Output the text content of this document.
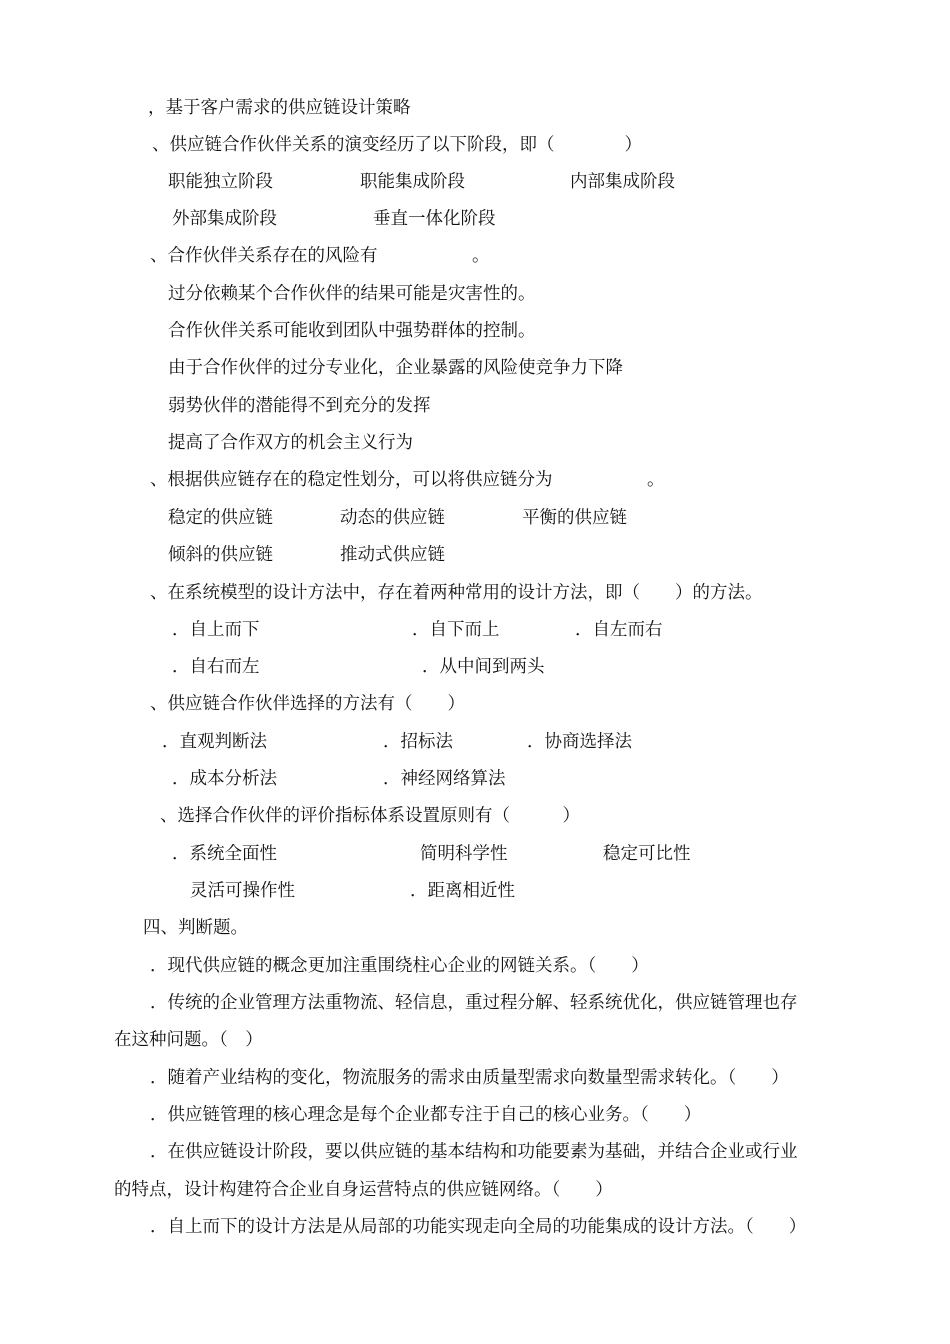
，基于客户需求的供应链设计策略
、供应链合作伙伴关系的演变经历了以下阶段，即（　　　　）
职能独立阶段	职能集成阶段	内部集成阶段
外部集成阶段	垂直一体化阶段
、合作伙伴关系存在的风险有	。
过分依赖某个合作伙伴的结果可能是灾害性的。
合作伙伴关系可能收到团队中强势群体的控制。
由于合作伙伴的过分专业化，企业暴露的风险使竞争力下降
弱势伙伴的潜能得不到充分的发挥
提高了合作双方的机会主义行为
、根据供应链存在的稳定性划分，可以将供应链分为	。
稳定的供应链	动态的供应链	平衡的供应链
倾斜的供应链	推动式供应链
、在系统模型的设计方法中，存在着两种常用的设计方法，即（　　）的方法。
．自上而下	．自下而上	．自左而右
．自右而左	．从中间到两头
、供应链合作伙伴选择的方法有（　　）
．直观判断法	．招标法	．协商选择法
．成本分析法	．神经网络算法
、选择合作伙伴的评价指标体系设置原则有（　　　）
．系统全面性	简明科学性	稳定可比性
灵活可操作性	．距离相近性
四、判断题。
．现代供应链的概念更加注重围绕柱心企业的网链关系。（　　）
．传统的企业管理方法重物流、轻信息，重过程分解、轻系统优化，供应链管理也存
在这种问题。（　）
．随着产业结构的变化，物流服务的需求由质量型需求向数量型需求转化。（　　）
．供应链管理的核心理念是每个企业都专注于自己的核心业务。（　　）
．在供应链设计阶段，要以供应链的基本结构和功能要素为基础，并结合企业或行业
的特点，设计构建符合企业自身运营特点的供应链网络。（　　）
．自上而下的设计方法是从局部的功能实现走向全局的功能集成的设计方法。（　　）
